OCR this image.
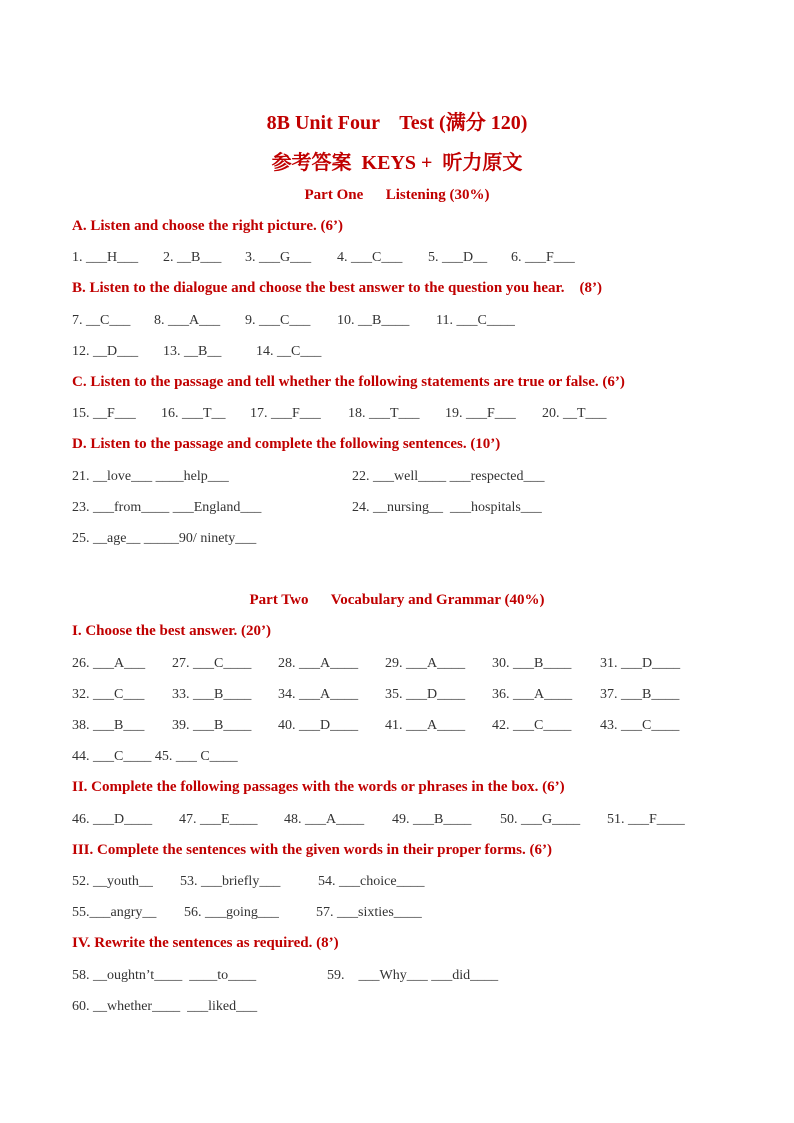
8B Unit Four    Test (满分 120)
参考答案  KEYS +  听力原文
Part One      Listening (30%)
A. Listen and choose the right picture. (6’)

1. ___H___

2. __B___

3. ___G___

4. ___C___

5. ___D__

6. ___F___

B. Listen to the dialogue and choose the best answer to the question you hear.    (8’)

7. __C___

8. ___A___

9. ___C___

10. __B____

11. ___C____

12. __D___

13. __B__

14. __C___

C. Listen to the passage and tell whether the following statements are true or false. (6’)

15. __F___

16. ___T__

17. ___F___

18. ___T___

19. ___F___

20. __T___

D. Listen to the passage and complete the following sentences. (10’)

21. __love___ ____help___

	22. ___well____ ___respected___

23. ___from____ ___England___

	24. __nursing__  ___hospitals___

25. __age__ _____90/ ninety___

Part Two      Vocabulary and Grammar (40%)
I. Choose the best answer. (20’)

26. ___A___

27. ___C____

28. ___A____

29. ___A____

30. ___B____

31. ___D____

32. ___C___

33. ___B____

34. ___A____

35. ___D____

36. ___A____

37. ___B____

38. ___B___

39. ___B____

40. ___D____

41. ___A____

42. ___C____

43. ___C____

44. ___C____ 45. ___ C____

II. Complete the following passages with the words or phrases in the box. (6’)

46. ___D____

47. ___E____

48. ___A____

49. ___B____

50. ___G____

51. ___F____

III. Complete the sentences with the given words in their proper forms. (6’)

52. __youth__

53. ___briefly___

	54. ___choice____

55.___angry__

56. ___going___

	57. ___sixties____

IV. Rewrite the sentences as required. (8’)

58. __oughtn’t____  ____to____

	59.    ___Why___ ___did____

60. __whether____  ___liked___
